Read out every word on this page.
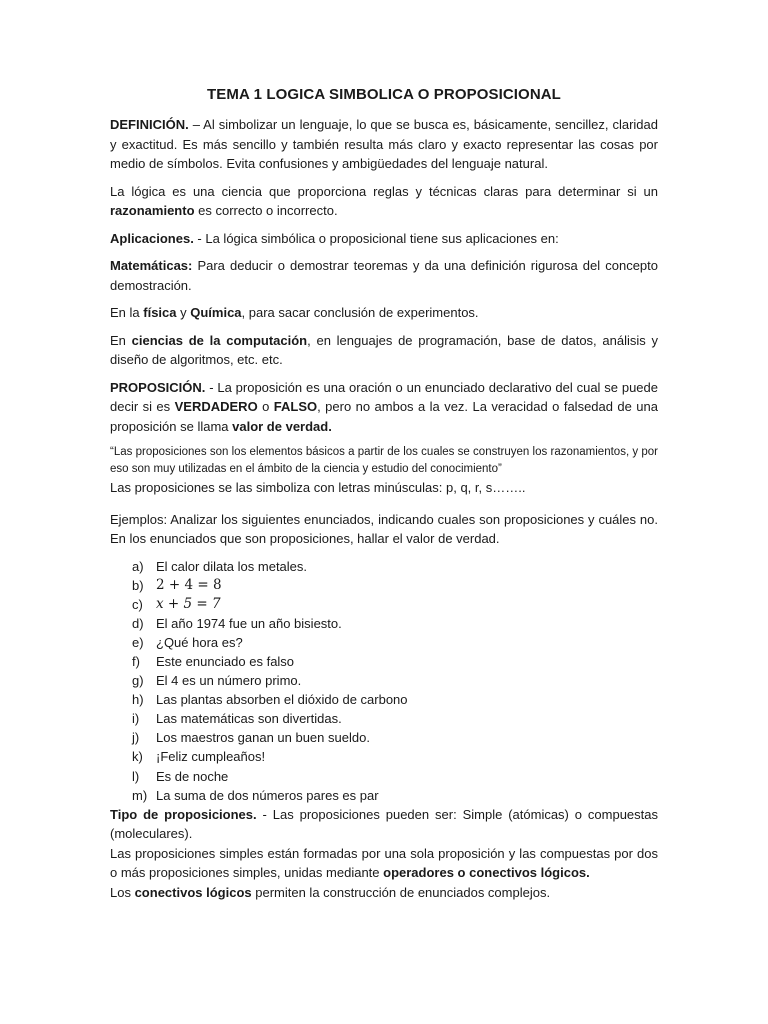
TEMA 1 LOGICA SIMBOLICA O PROPOSICIONAL

DEFINICIÓN. – Al simbolizar un lenguaje, lo que se busca es, básicamente, sencillez, claridad y exactitud. Es más sencillo y también resulta más claro y exacto representar las cosas por medio de símbolos. Evita confusiones y ambigüedades del lenguaje natural.

La lógica es una ciencia que proporciona reglas y técnicas claras para determinar si un razonamiento es correcto o incorrecto.

Aplicaciones. - La lógica simbólica o proposicional tiene sus aplicaciones en:

Matemáticas: Para deducir o demostrar teoremas y da una definición rigurosa del concepto demostración.

En la física y Química, para sacar conclusión de experimentos.

En ciencias de la computación, en lenguajes de programación, base de datos, análisis y diseño de algoritmos, etc. etc.

PROPOSICIÓN. - La proposición es una oración o un enunciado declarativo del cual se puede decir si es VERDADERO o FALSO, pero no ambos a la vez. La veracidad o falsedad de una proposición se llama valor de verdad.

“Las proposiciones son los elementos básicos a partir de los cuales se construyen los razonamientos, y por eso son muy utilizadas en el ámbito de la ciencia y estudio del conocimiento”

Las proposiciones se las simboliza con letras minúsculas: p, q, r, s……..

Ejemplos: Analizar los siguientes enunciados, indicando cuales son proposiciones y cuáles no. En los enunciados que son proposiciones, hallar el valor de verdad.

a) El calor dilata los metales.
b) 2 + 4 = 8
c) x + 5 = 7
d) El año 1974 fue un año bisiesto.
e) ¿Qué hora es?
f)	Este enunciado es falso
g) El 4 es un número primo.
h) Las plantas absorben el dióxido de carbono
i)	Las matemáticas son divertidas.
j)	Los maestros ganan un buen sueldo.
k)	¡Feliz cumpleaños!
l)	Es de noche
m) La suma de dos números pares es par

Tipo de proposiciones. - Las proposiciones pueden ser: Simple (atómicas) o compuestas (moleculares).

Las proposiciones simples están formadas por una sola proposición y las compuestas por dos o más proposiciones simples, unidas mediante operadores o conectivos lógicos.

Los conectivos lógicos permiten la construcción de enunciados complejos.
